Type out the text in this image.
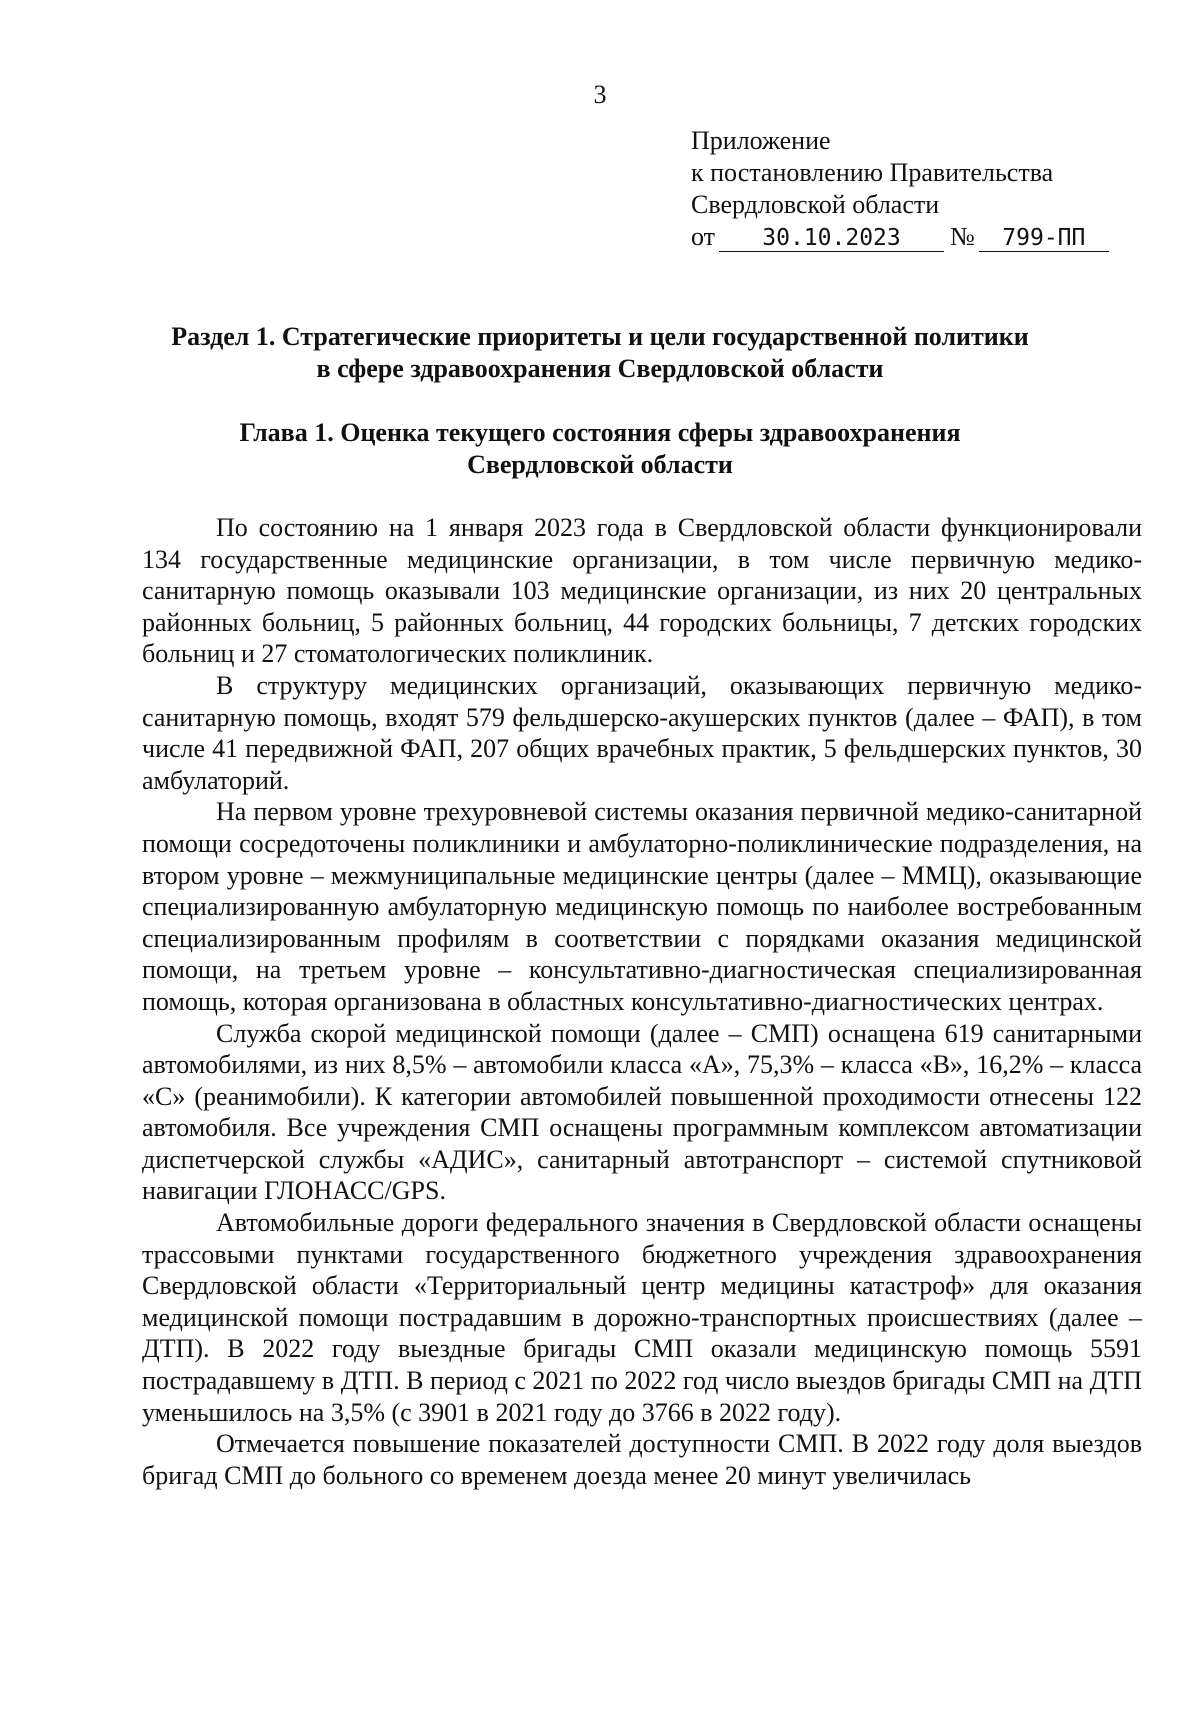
3
Приложение
к постановлению Правительства
Свердловской области
от 30.10.2023 № 799-ПП
Раздел 1. Стратегические приоритеты и цели государственной политики
в сфере здравоохранения Свердловской области
Глава 1. Оценка текущего состояния сферы здравоохранения
Свердловской области

По состоянию на 1 января 2023 года в Свердловской области функционировали 134 государственные медицинские организации, в том числе первичную медико-санитарную помощь оказывали 103 медицинские организации, из них 20 центральных районных больниц, 5 районных больниц, 44 городских больницы, 7 детских городских больниц и 27 стоматологических поликлиник.

В структуру медицинских организаций, оказывающих первичную медико-санитарную помощь, входят 579 фельдшерско-акушерских пунктов (далее – ФАП), в том числе 41 передвижной ФАП, 207 общих врачебных практик, 5 фельдшерских пунктов, 30 амбулаторий.

На первом уровне трехуровневой системы оказания первичной медико-санитарной помощи сосредоточены поликлиники и амбулаторно-поликлинические подразделения, на втором уровне – межмуниципальные медицинские центры (далее – ММЦ), оказывающие специализированную амбулаторную медицинскую помощь по наиболее востребованным специализированным профилям в соответствии с порядками оказания медицинской помощи, на третьем уровне – консультативно-диагностическая специализированная помощь, которая организована в областных консультативно-диагностических центрах.

Служба скорой медицинской помощи (далее – СМП) оснащена 619 санитарными автомобилями, из них 8,5% – автомобили класса «А», 75,3% – класса «В», 16,2% – класса «С» (реанимобили). К категории автомобилей повышенной проходимости отнесены 122 автомобиля. Все учреждения СМП оснащены программным комплексом автоматизации диспетчерской службы «АДИС», санитарный автотранспорт – системой спутниковой навигации ГЛОНАСС/GPS.

Автомобильные дороги федерального значения в Свердловской области оснащены трассовыми пунктами государственного бюджетного учреждения здравоохранения Свердловской области «Территориальный центр медицины катастроф» для оказания медицинской помощи пострадавшим в дорожно-транспортных происшествиях (далее – ДТП). В 2022 году выездные бригады СМП оказали медицинскую помощь 5591 пострадавшему в ДТП. В период с 2021 по 2022 год число выездов бригады СМП на ДТП уменьшилось на 3,5% (с 3901 в 2021 году до 3766 в 2022 году).

Отмечается повышение показателей доступности СМП. В 2022 году доля выездов бригад СМП до больного со временем доезда менее 20 минут увеличилась
